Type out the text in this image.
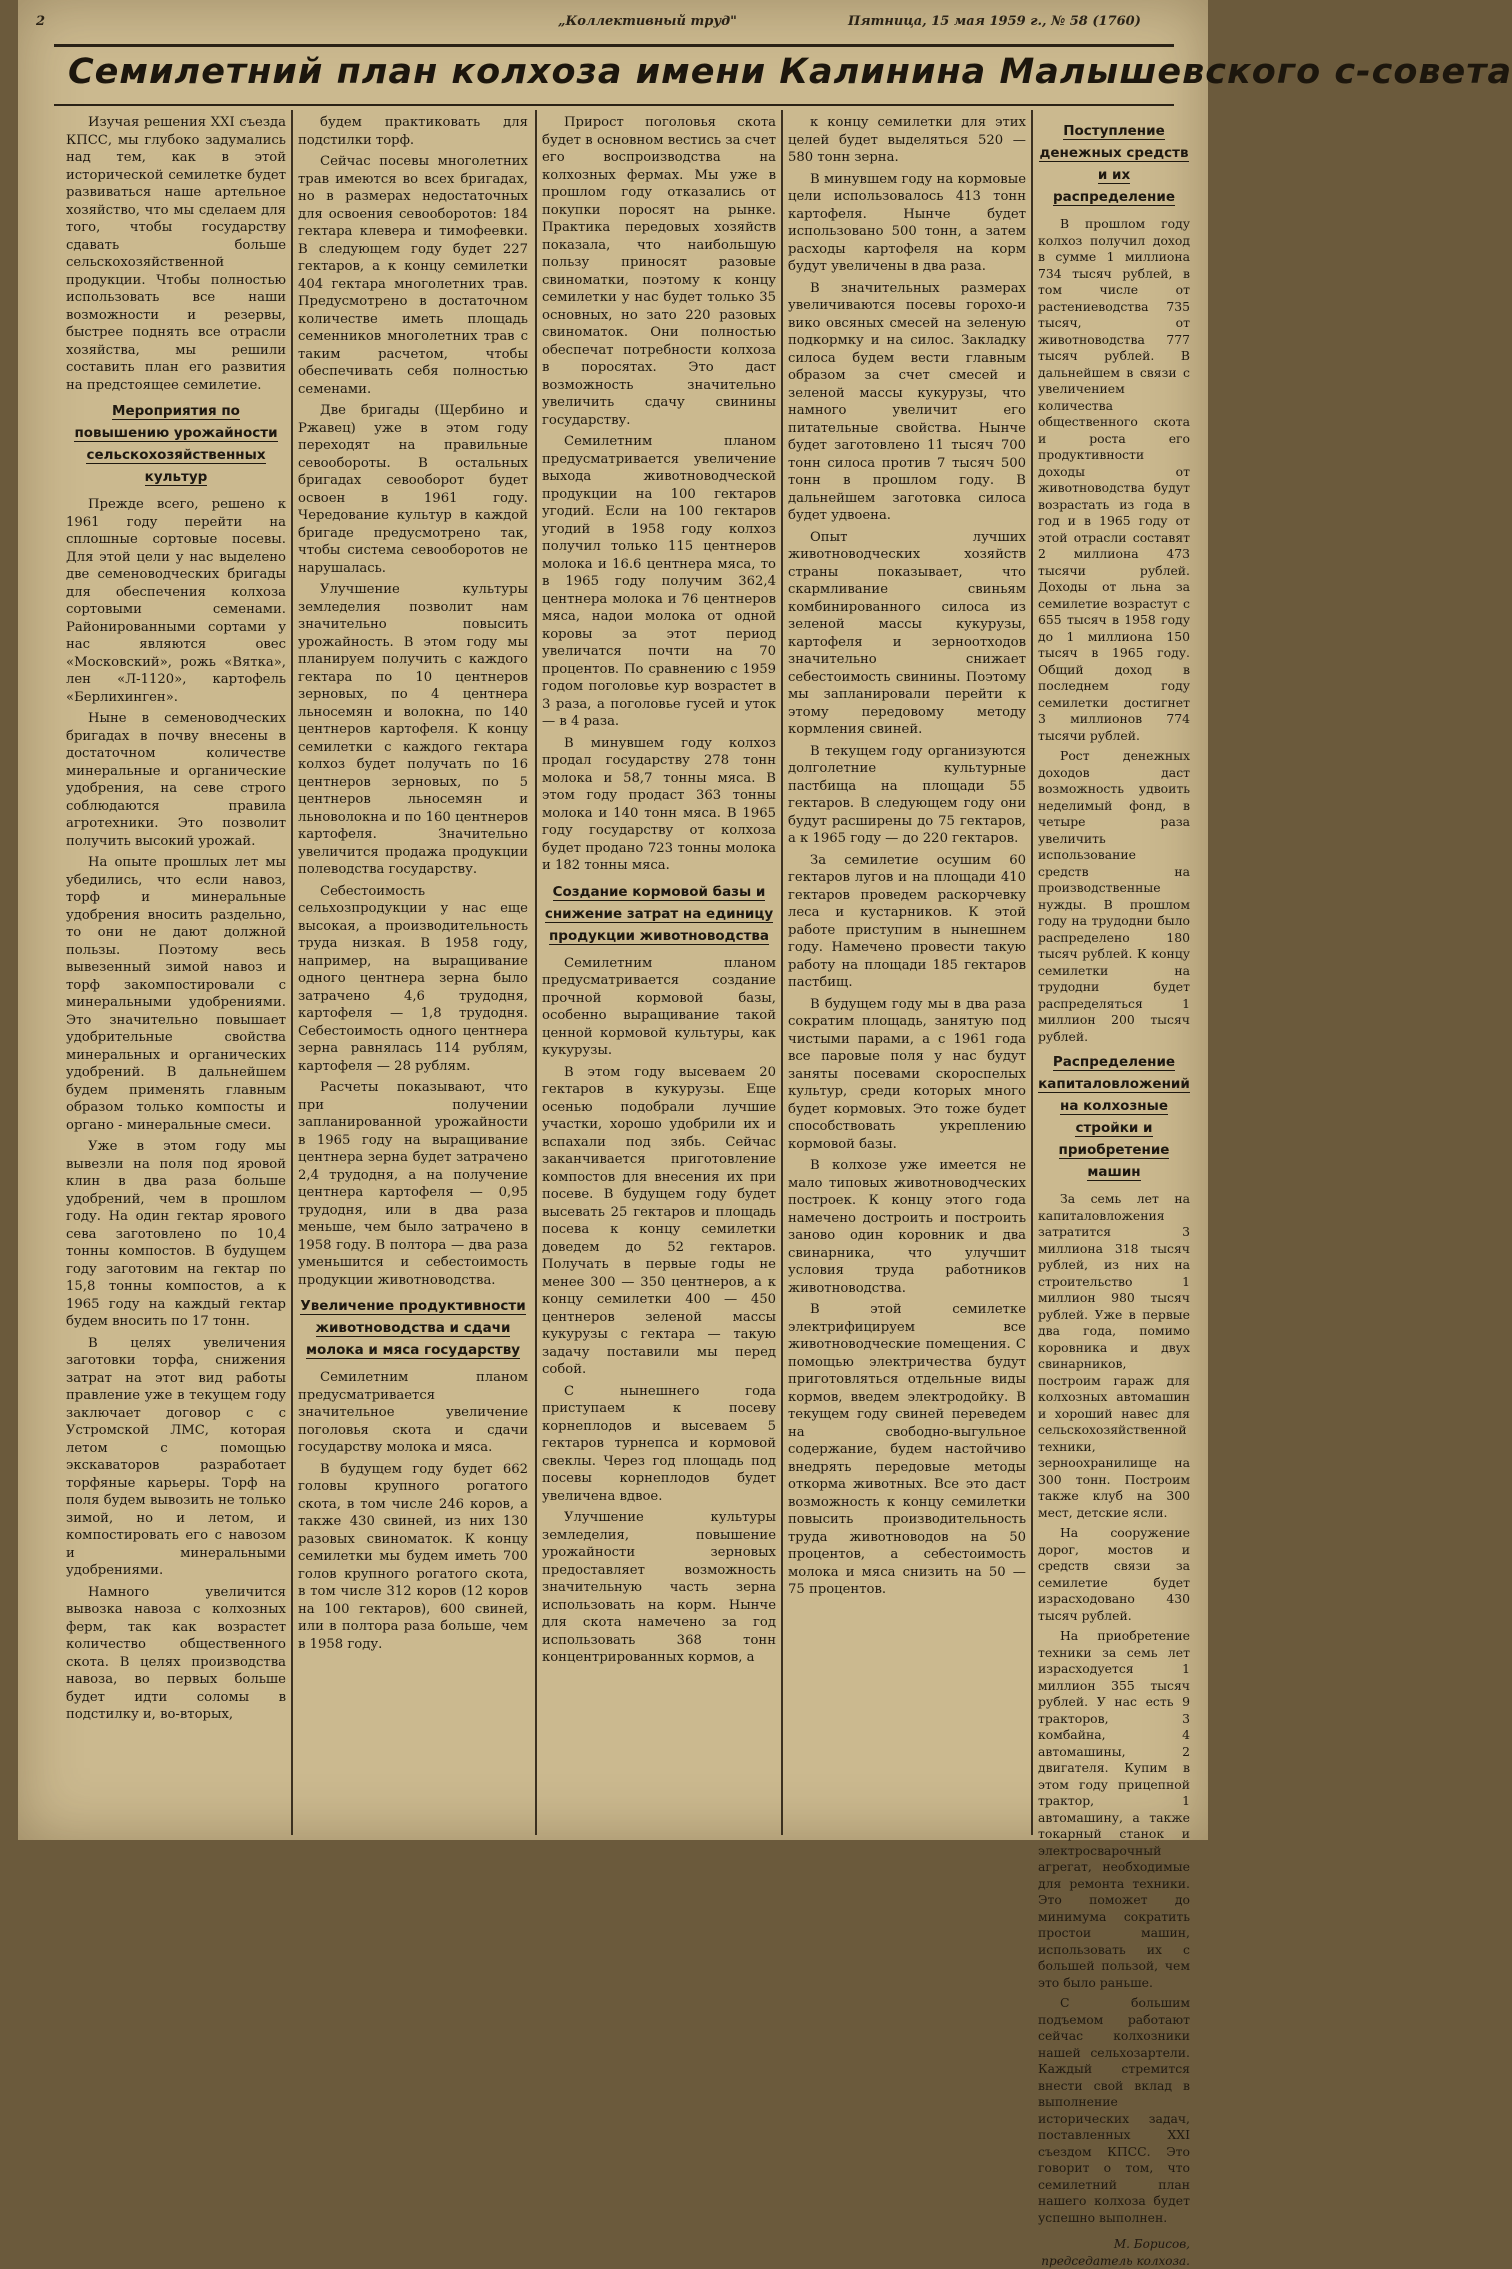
2	„Коллективный труд"	Пятница, 15 мая 1959 г., № 58 (1760)
Семилетний план колхоза имени Калинина Малышевского с-совета

Изучая решения XXI съезда КПСС, мы глубоко задумались над тем, как в этой исторической семилетке будет развиваться наше артельное хозяйство, что мы сделаем для того, чтобы государству сдавать больше сельскохозяйственной продукции. Чтобы полностью использовать все наши возможности и резервы, быстрее поднять все отрасли хозяйства, мы решили составить план его развития на предстоящее семилетие.

Мероприятия по повышению урожайности сельскохозяйственных культур

Прежде всего, решено к 1961 году перейти на сплошные сортовые посевы. Для этой цели у нас выделено две семеноводческих бригады для обеспечения колхоза сортовыми семенами. Районированными сортами у нас являются овес «Московский», рожь «Вятка», лен «Л-1120», картофель «Берлихинген».

Ныне в семеноводческих бригадах в почву внесены в достаточном количестве минеральные и органические удобрения, на севе строго соблюдаются правила агротехники. Это позволит получить высокий урожай.

На опыте прошлых лет мы убедились, что если навоз, торф и минеральные удобрения вносить раздельно, то они не дают должной пользы. Поэтому весь вывезенный зимой навоз и торф закомпостировали с минеральными удобрениями. Это значительно повышает удобрительные свойства минеральных и органических удобрений. В дальнейшем будем применять главным образом только компосты и органо - минеральные смеси.

Уже в этом году мы вывезли на поля под яровой клин в два раза больше удобрений, чем в прошлом году. На один гектар ярового сева заготовлено по 10,4 тонны компостов. В будущем году заготовим на гектар по 15,8 тонны компостов, а к 1965 году на каждый гектар будем вносить по 17 тонн.

В целях увеличения заготовки торфа, снижения затрат на этот вид работы правление уже в текущем году заключает договор с с Устромской ЛМС, которая летом с помощью экскаваторов разработает торфяные карьеры. Торф на поля будем вывозить не только зимой, но и летом, и компостировать его с навозом и минеральными удобрениями.

Намного увеличится вывозка навоза с колхозных ферм, так как возрастет количество общественного скота. В целях производства навоза, во первых больше будет идти соломы в подстилку и, во-вторых,

будем практиковать для подстилки торф.

Сейчас посевы многолетних трав имеются во всех бригадах, но в размерах недостаточных для освоения севооборотов: 184 гектара клевера и тимофеевки. В следующем году будет 227 гектаров, а к концу семилетки 404 гектара многолетних трав. Предусмотрено в достаточном количестве иметь площадь семенников многолетних трав с таким расчетом, чтобы обеспечивать себя полностью семенами.

Две бригады (Щербино и Ржавец) уже в этом году переходят на правильные севообороты. В остальных бригадах севооборот будет освоен в 1961 году. Чередование культур в каждой бригаде предусмотрено так, чтобы система севооборотов не нарушалась.

Улучшение культуры земледелия позволит нам значительно повысить урожайность. В этом году мы планируем получить с каждого гектара по 10 центнеров зерновых, по 4 центнера льносемян и волокна, по 140 центнеров картофеля. К концу семилетки с каждого гектара колхоз будет получать по 16 центнеров зерновых, по 5 центнеров льносемян и льноволокна и по 160 центнеров картофеля. Значительно увеличится продажа продукции полеводства государству.

Себестоимость сельхозпродукции у нас еще высокая, а производительность труда низкая. В 1958 году, например, на выращивание одного центнера зерна было затрачено 4,6 трудодня, картофеля — 1,8 трудодня. Себестоимость одного центнера зерна равнялась 114 рублям, картофеля — 28 рублям.

Расчеты показывают, что при получении запланированной урожайности в 1965 году на выращивание центнера зерна будет затрачено 2,4 трудодня, а на получение центнера картофеля — 0,95 трудодня, или в два раза меньше, чем было затрачено в 1958 году. В полтора — два раза уменьшится и себестоимость продукции животноводства.

Увеличение продуктивности животноводства и сдачи молока и мяса государству

Семилетним планом предусматривается значительное увеличение поголовья скота и сдачи государству молока и мяса.

В будущем году будет 662 головы крупного рогатого скота, в том числе 246 коров, а также 430 свиней, из них 130 разовых свиноматок. К концу семилетки мы будем иметь 700 голов крупного рогатого скота, в том числе 312 коров (12 коров на 100 гектаров), 600 свиней, или в полтора раза больше, чем в 1958 году.

Прирост поголовья скота будет в основном вестись за счет его воспроизводства на колхозных фермах. Мы уже в прошлом году отказались от покупки поросят на рынке. Практика передовых хозяйств показала, что наибольшую пользу приносят разовые свиноматки, поэтому к концу семилетки у нас будет только 35 основных, но зато 220 разовых свиноматок. Они полностью обеспечат потребности колхоза в поросятах. Это даст возможность значительно увеличить сдачу свинины государству.

Семилетним планом предусматривается увеличение выхода животноводческой продукции на 100 гектаров угодий. Если на 100 гектаров угодий в 1958 году колхоз получил только 115 центнеров молока и 16.6 центнера мяса, то в 1965 году получим 362,4 центнера молока и 76 центнеров мяса, надои молока от одной коровы за этот период увеличатся почти на 70 процентов. По сравнению с 1959 годом поголовье кур возрастет в 3 раза, а поголовье гусей и уток — в 4 раза.

В минувшем году колхоз продал государству 278 тонн молока и 58,7 тонны мяса. В этом году продаст 363 тонны молока и 140 тонн мяса. В 1965 году государству от колхоза будет продано 723 тонны молока и 182 тонны мяса.

Создание кормовой базы и снижение затрат на единицу продукции животноводства

Семилетним планом предусматривается создание прочной кормовой базы, особенно выращивание такой ценной кормовой культуры, как кукурузы.

В этом году высеваем 20 гектаров в кукурузы. Еще осенью подобрали лучшие участки, хорошо удобрили их и вспахали под зябь. Сейчас заканчивается приготовление компостов для внесения их при посеве. В будущем году будет высевать 25 гектаров и площадь посева к концу семилетки доведем до 52 гектаров. Получать в первые годы не менее 300 — 350 центнеров, а к концу семилетки 400 — 450 центнеров зеленой массы кукурузы с гектара — такую задачу поставили мы перед собой.

С нынешнего года приступаем к посеву корнеплодов и высеваем 5 гектаров турнепса и кормовой свеклы. Через год площадь под посевы корнеплодов будет увеличена вдвое.

Улучшение культуры земледелия, повышение урожайности зерновых предоставляет возможность значительную часть зерна использовать на корм. Нынче для скота намечено за год использовать 368 тонн концентрированных кормов, а

к концу семилетки для этих целей будет выделяться 520 — 580 тонн зерна.

В минувшем году на кормовые цели использовалось 413 тонн картофеля. Нынче будет использовано 500 тонн, а затем расходы картофеля на корм будут увеличены в два раза.

В значительных размерах увеличиваются посевы горохо-и вико овсяных смесей на зеленую подкормку и на силос. Закладку силоса будем вести главным образом за счет смесей и зеленой массы кукурузы, что намного увеличит его питательные свойства. Нынче будет заготовлено 11 тысяч 700 тонн силоса против 7 тысяч 500 тонн в прошлом году. В дальнейшем заготовка силоса будет удвоена.

Опыт лучших животноводческих хозяйств страны показывает, что скармливание свиньям комбинированного силоса из зеленой массы кукурузы, картофеля и зерноотходов значительно снижает себестоимость свинины. Поэтому мы запланировали перейти к этому передовому методу кормления свиней.

В текущем году организуются долголетние культурные пастбища на площади 55 гектаров. В следующем году они будут расширены до 75 гектаров, а к 1965 году — до 220 гектаров.

За семилетие осушим 60 гектаров лугов и на площади 410 гектаров проведем раскорчевку леса и кустарников. К этой работе приступим в нынешнем году. Намечено провести такую работу на площади 185 гектаров пастбищ.

В будущем году мы в два раза сократим площадь, занятую под чистыми парами, а с 1961 года все паровые поля у нас будут заняты посевами скороспелых культур, среди которых много будет кормовых. Это тоже будет способствовать укреплению кормовой базы.

В колхозе уже имеется не мало типовых животноводческих построек. К концу этого года намечено достроить и построить заново один коровник и два свинарника, что улучшит условия труда работников животноводства.

В этой семилетке электрифицируем все животноводческие помещения. С помощью электричества будут приготовляться отдельные виды кормов, введем электродойку. В текущем году свиней переведем на свободно-выгульное содержание, будем настойчиво внедрять передовые методы откорма животных. Все это даст возможность к концу семилетки повысить производительность труда животноводов на 50 процентов, а себестоимость молока и мяса снизить на 50 — 75 процентов.

Поступление денежных средств и их распределение

В прошлом году колхоз получил доход в сумме 1 миллиона 734 тысяч рублей, в том числе от растениеводства 735 тысяч, от животноводства 777 тысяч рублей. В дальнейшем в связи с увеличением количества общественного скота и роста его продуктивности доходы от животноводства будут возрастать из года в год и в 1965 году от этой отрасли составят 2 миллиона 473 тысячи рублей. Доходы от льна за семилетие возрастут с 655 тысяч в 1958 году до 1 миллиона 150 тысяч в 1965 году. Общий доход в последнем году семилетки достигнет 3 миллионов 774 тысячи рублей.

Рост денежных доходов даст возможность удвоить неделимый фонд, в четыре раза увеличить использование средств на производственные нужды. В прошлом году на трудодни было распределено 180 тысяч рублей. К концу семилетки на трудодни будет распределяться 1 миллион 200 тысяч рублей.

Распределение капиталовложений на колхозные стройки и приобретение машин

За семь лет на капиталовложения затратится 3 миллиона 318 тысяч рублей, из них на строительство 1 миллион 980 тысяч рублей. Уже в первые два года, помимо коровника и двух свинарников, построим гараж для колхозных автомашин и хороший навес для сельскохозяйственной техники, зерноохранилище на 300 тонн. Построим также клуб на 300 мест, детские ясли.

На сооружение дорог, мостов и средств связи за семилетие будет израсходовано 430 тысяч рублей.

На приобретение техники за семь лет израсходуется 1 миллион 355 тысяч рублей. У нас есть 9 тракторов, 3 комбайна, 4 автомашины, 2 двигателя. Купим в этом году прицепной трактор, 1 автомашину, а также токарный станок и электросварочный агрегат, необходимые для ремонта техники. Это поможет до минимума сократить простои машин, использовать их с большей пользой, чем это было раньше.

С большим подъемом работают сейчас колхозники нашей сельхозартели. Каждый стремится внести свой вклад в выполнение исторических задач, поставленных XXI съездом КПСС. Это говорит о том, что семилетний план нашего колхоза будет успешно выполнен.

М. Борисов, председатель колхоза.
